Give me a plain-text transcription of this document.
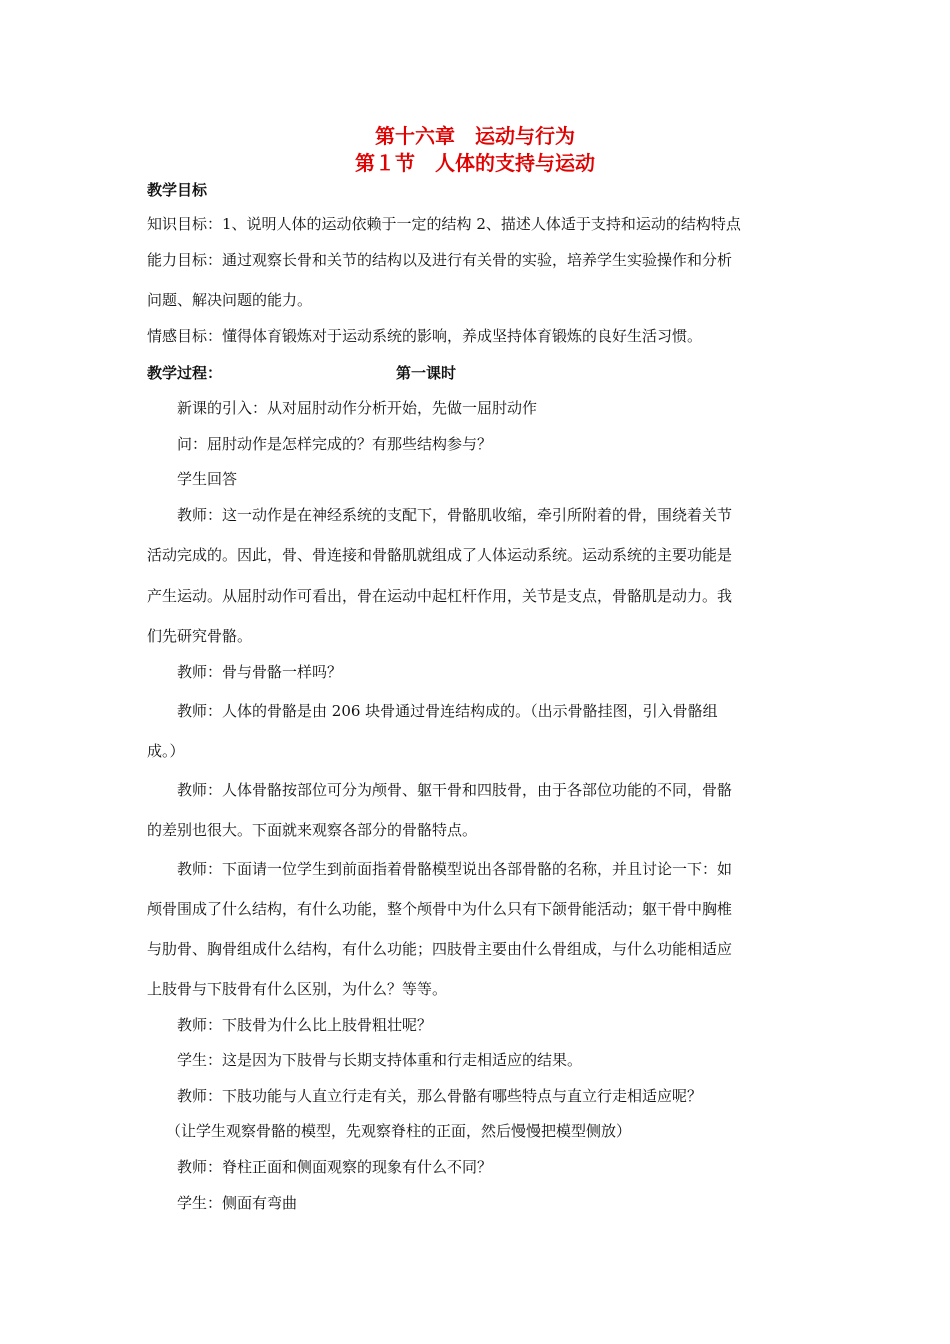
第十六章　运动与行为
第１节　人体的支持与运动
教学目标
知识目标：1、说明人体的运动依赖于一定的结构 2、描述人体适于支持和运动的结构特点
能力目标：通过观察长骨和关节的结构以及进行有关骨的实验，培养学生实验操作和分析
问题、解决问题的能力。
情感目标：懂得体育锻炼对于运动系统的影响，养成坚持体育锻炼的良好生活习惯。
教学过程：	第一课时
新课的引入：从对屈肘动作分析开始，先做一屈肘动作
问：屈肘动作是怎样完成的？有那些结构参与？
学生回答
教师：这一动作是在神经系统的支配下，骨骼肌收缩，牵引所附着的骨，围绕着关节
活动完成的。因此，骨、骨连接和骨骼肌就组成了人体运动系统。运动系统的主要功能是
产生运动。从屈肘动作可看出，骨在运动中起杠杆作用，关节是支点，骨骼肌是动力。我
们先研究骨骼。
教师：骨与骨骼一样吗？
教师：人体的骨骼是由 206 块骨通过骨连结构成的。（出示骨骼挂图，引入骨骼组
成。）
教师：人体骨骼按部位可分为颅骨、躯干骨和四肢骨，由于各部位功能的不同，骨骼
的差别也很大。下面就来观察各部分的骨骼特点。
教师：下面请一位学生到前面指着骨骼模型说出各部骨骼的名称，并且讨论一下：如
颅骨围成了什么结构，有什么功能，整个颅骨中为什么只有下颌骨能活动；躯干骨中胸椎
与肋骨、胸骨组成什么结构，有什么功能；四肢骨主要由什么骨组成，与什么功能相适应
上肢骨与下肢骨有什么区别，为什么？等等。
教师：下肢骨为什么比上肢骨粗壮呢？
学生：这是因为下肢骨与长期支持体重和行走相适应的结果。
教师：下肢功能与人直立行走有关，那么骨骼有哪些特点与直立行走相适应呢？
（让学生观察骨骼的模型，先观察脊柱的正面，然后慢慢把模型侧放）
教师：脊柱正面和侧面观察的现象有什么不同？
学生：侧面有弯曲
